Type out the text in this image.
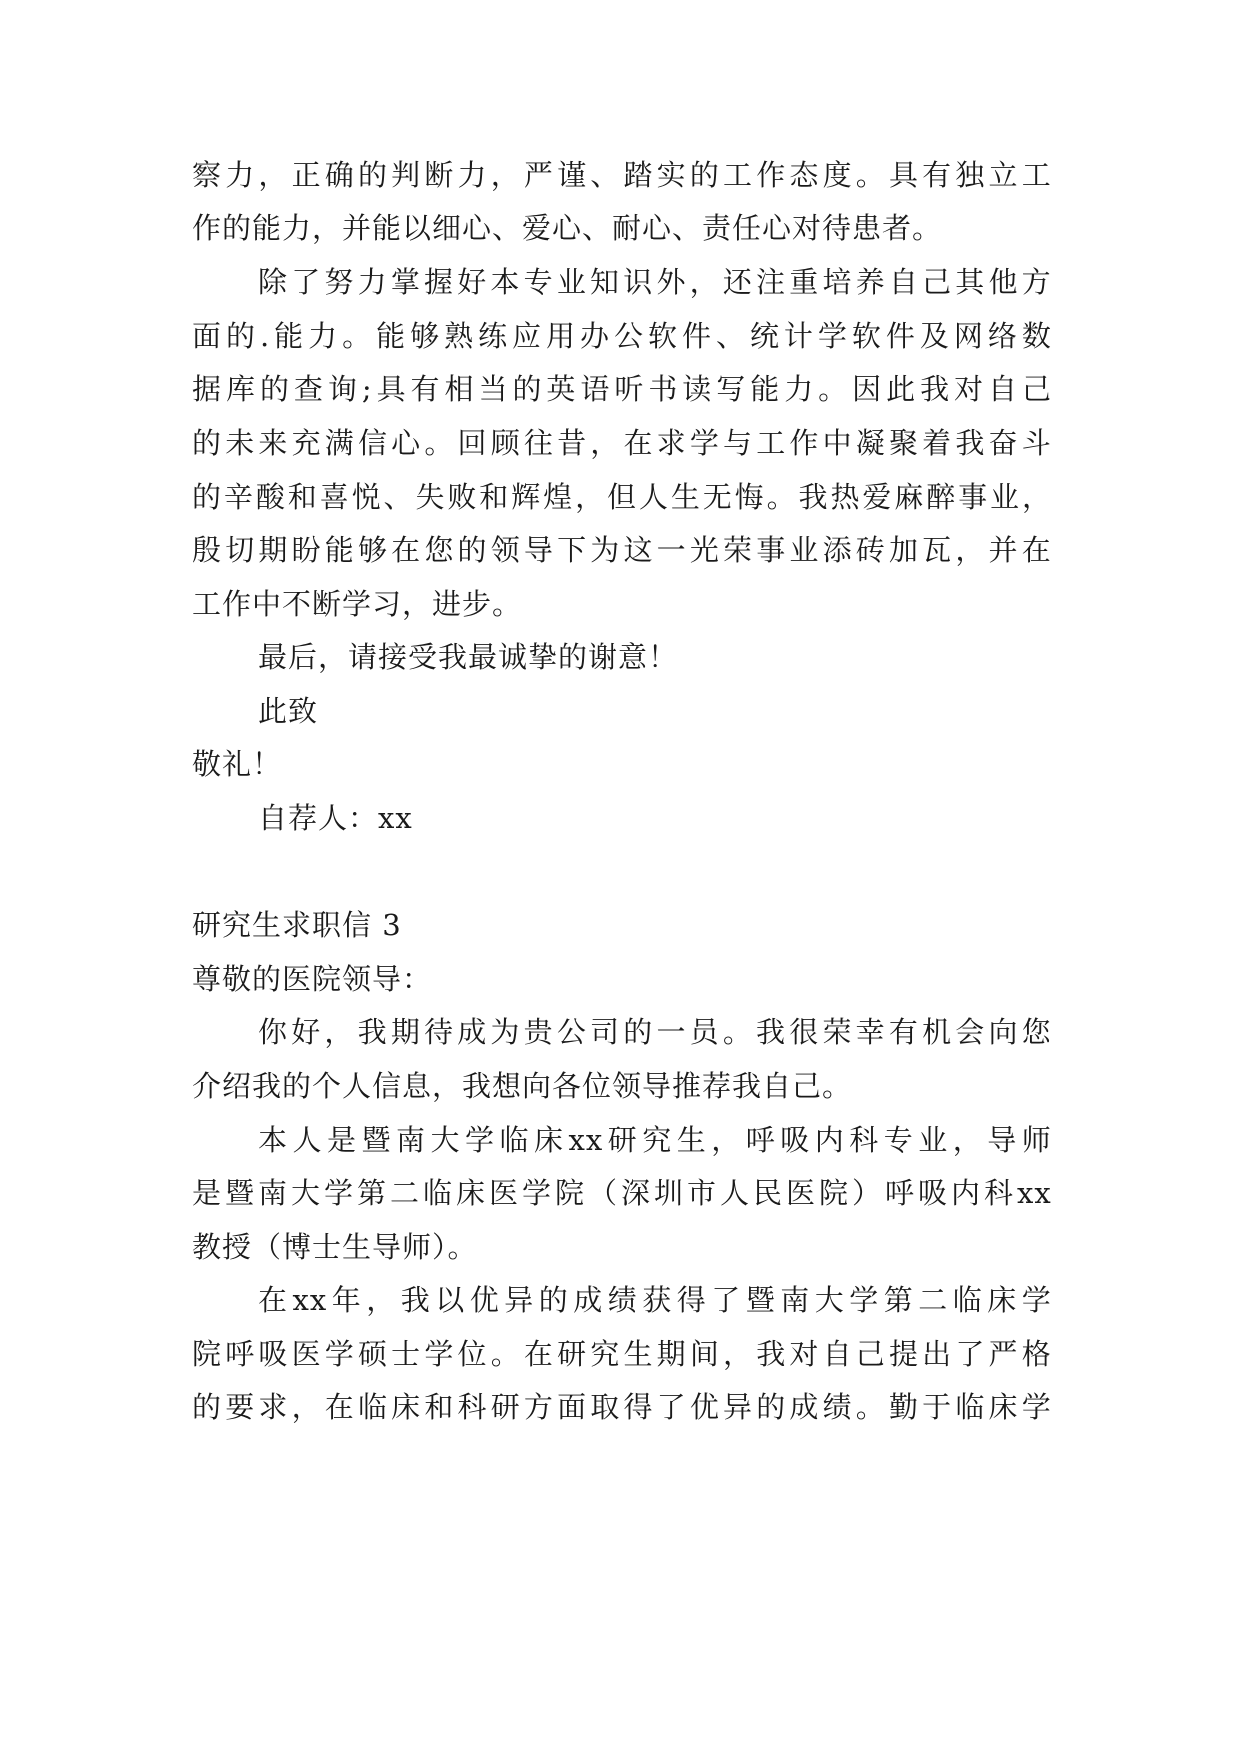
察 力 ， 正 确 的 判 断 力 ， 严 谨 、 踏 实 的 工 作 态 度 。 具 有 独 立 工
作的能力，并能以细心、爱心、耐心、责任心对待患者。
除 了 努 力 掌 握 好 本 专 业 知 识 外 ， 还 注 重 培 养 自 己 其 他 方
面 的 . 能 力 。 能 够 熟 练 应 用 办 公 软 件 、 统 计 学 软 件 及 网 络 数
据 库 的 查 询 ; 具 有 相 当 的 英 语 听 书 读 写 能 力 。 因 此 我 对 自 己
的 未 来 充 满 信 心 。 回 顾 往 昔 ， 在 求 学 与 工 作 中 凝 聚 着 我 奋 斗
的 辛 酸 和 喜 悦 、 失 败 和 辉 煌 ， 但 人 生 无 悔 。 我 热 爱 麻 醉 事 业 ，
殷 切 期 盼 能 够 在 您 的 领 导 下 为 这 一 光 荣 事 业 添 砖 加 瓦 ， 并 在
工作中不断学习，进步。
最后，请接受我最诚挚的谢意！
此致
敬礼！
自荐人：xx
研究生求职信 3
尊敬的医院领导：
你 好 ， 我 期 待 成 为 贵 公 司 的 一 员 。 我 很 荣 幸 有 机 会 向 您
介绍我的个人信息，我想向各位领导推荐我自己。
本 人 是 暨 南 大 学 临 床 xx 研 究 生 ， 呼 吸 内 科 专 业 ， 导 师
是 暨 南 大 学 第 二 临 床 医 学 院 （ 深 圳 市 人 民 医 院 ） 呼 吸 内 科 xx
教授（博士生导师）。
在 xx 年 ， 我 以 优 异 的 成 绩 获 得 了 暨 南 大 学 第 二 临 床 学
院 呼 吸 医 学 硕 士 学 位 。 在 研 究 生 期 间 ， 我 对 自 己 提 出 了 严 格
的 要 求 ， 在 临 床 和 科 研 方 面 取 得 了 优 异 的 成 绩 。 勤 于 临 床 学
